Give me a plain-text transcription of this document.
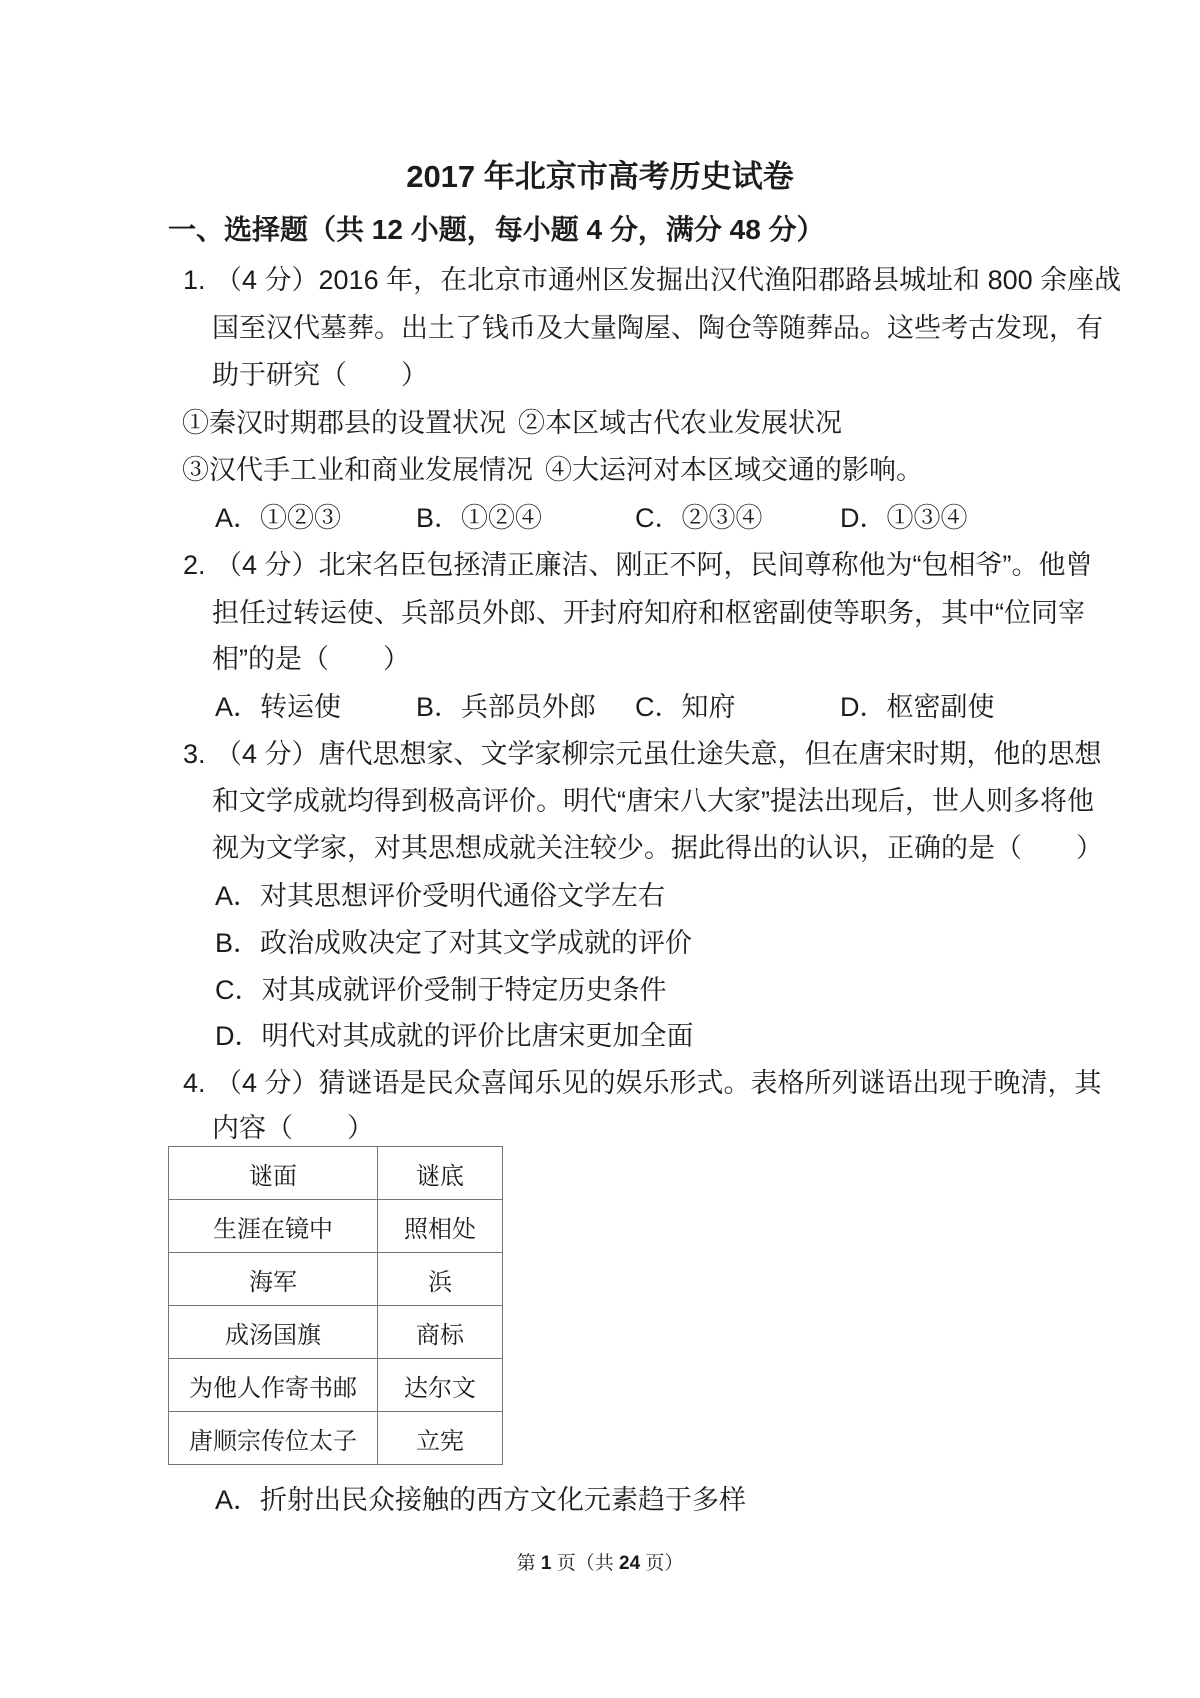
2017 年北京市高考历史试卷
一、选择题（共 12 小题，每小题 4 分，满分 48 分）
1. （4 分）2016 年，在北京市通州区发掘出汉代渔阳郡路县城址和 800 余座战
国至汉代墓葬。出土了钱币及大量陶屋、陶仓等随葬品。这些考古发现，有
助于研究（　　）
①秦汉时期郡县的设置状况 ②本区域古代农业发展状况
③汉代手工业和商业发展情况 ④大运河对本区域交通的影响。
A．①②③	B．①②④	C．②③④	D．①③④
2. （4 分）北宋名臣包拯清正廉洁、刚正不阿，民间尊称他为“包相爷”。他曾
担任过转运使、兵部员外郎、开封府知府和枢密副使等职务，其中“位同宰
相”的是（　　）
A．转运使	B．兵部员外郎 C．知府	D．枢密副使
3. （4 分）唐代思想家、文学家柳宗元虽仕途失意，但在唐宋时期，他的思想
和文学成就均得到极高评价。明代“唐宋八大家”提法出现后，世人则多将他
视为文学家，对其思想成就关注较少。据此得出的认识，正确的是（　　）
A．对其思想评价受明代通俗文学左右
B．政治成败决定了对其文学成就的评价
C．对其成就评价受制于特定历史条件
D．明代对其成就的评价比唐宋更加全面
4. （4 分）猜谜语是民众喜闻乐见的娱乐形式。表格所列谜语出现于晚清，其
内容（　　）
谜面	谜底
生涯在镜中	照相处
海军	浜
成汤国旗	商标
为他人作寄书邮	达尔文
唐顺宗传位太子	立宪
A．折射出民众接触的西方文化元素趋于多样
第 1 页（共 24 页）
